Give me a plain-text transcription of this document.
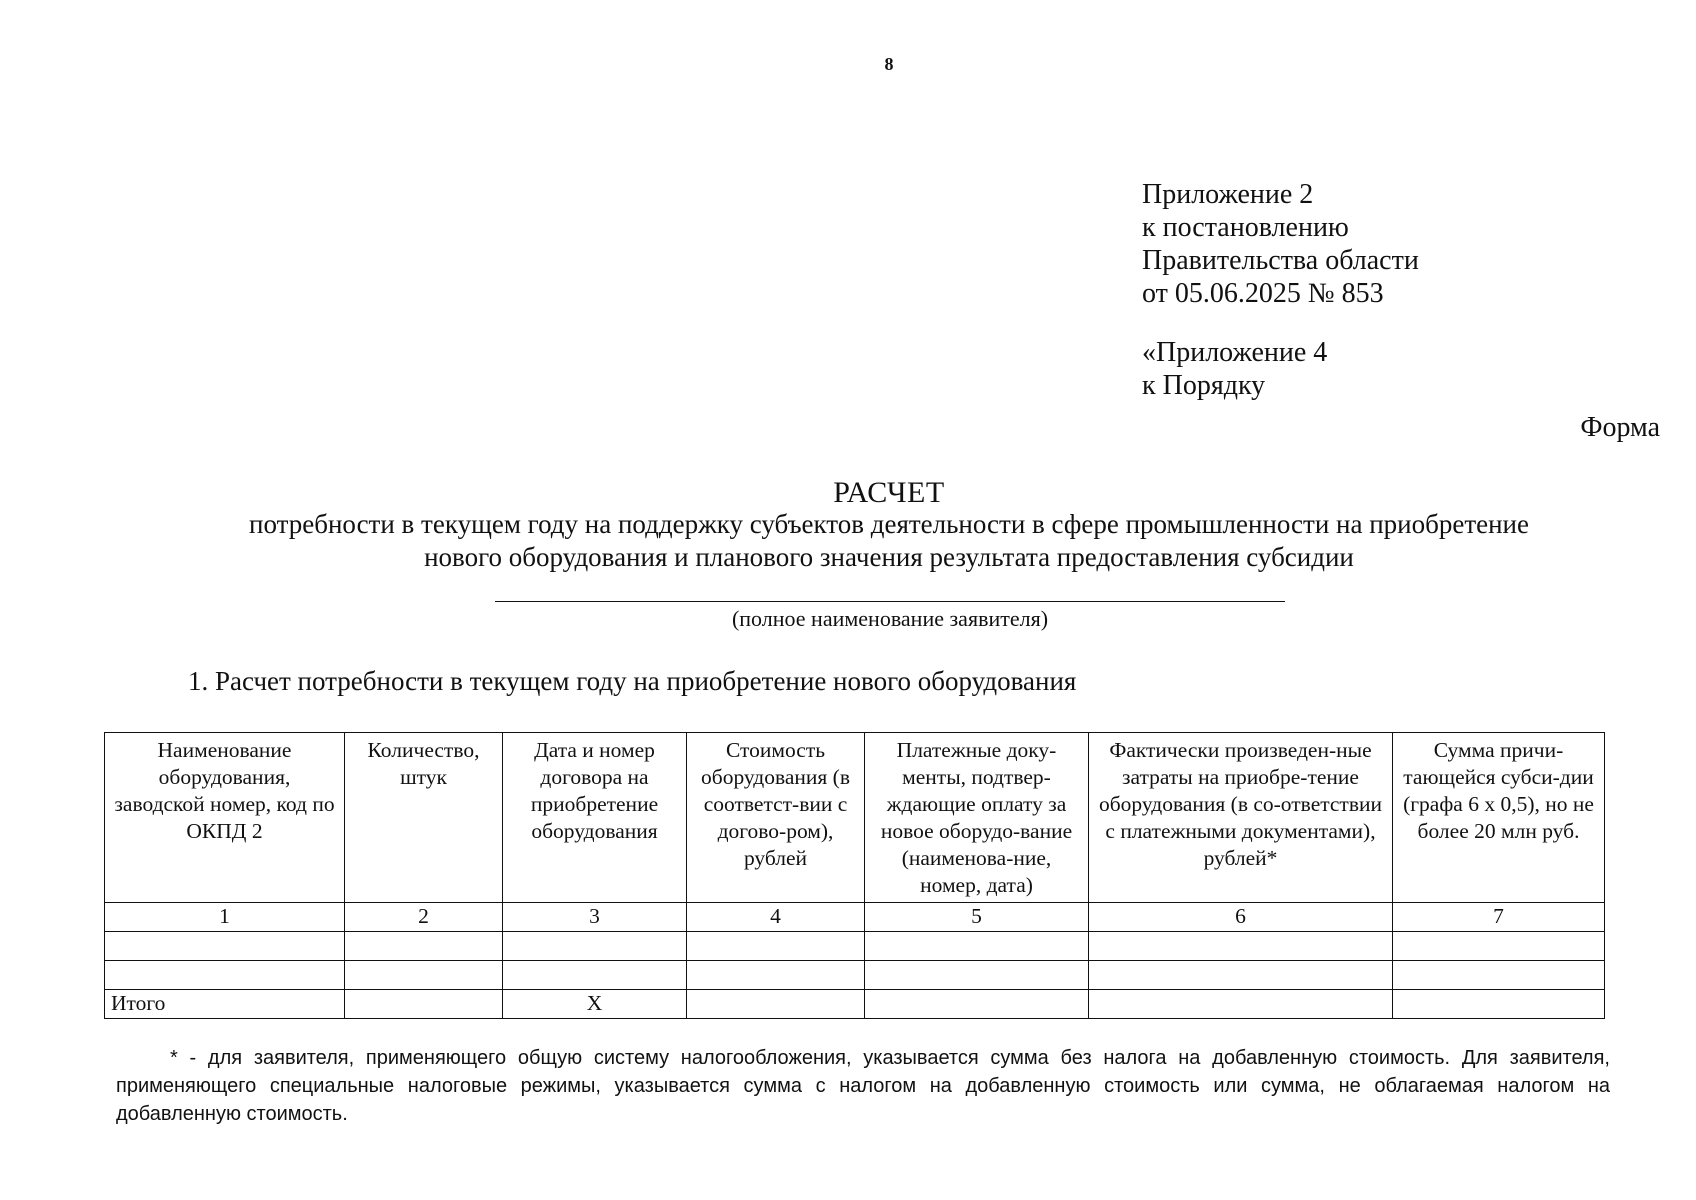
8
Приложение 2
к постановлению
Правительства области
от 05.06.2025 № 853
«Приложение 4
к Порядку
Форма
РАСЧЕТ
потребности в текущем году на поддержку субъектов деятельности в сфере промышленности на приобретение
нового оборудования и планового значения результата предоставления субсидии
(полное наименование заявителя)
1. Расчет потребности в текущем году на приобретение нового оборудования
Наименование оборудования, заводской номер, код по ОКПД 2	Количество, штук	Дата и номер договора на приобретение оборудования	Стоимость оборудования (в соответст-вии с догово-ром), рублей	Платежные доку-менты, подтвер-ждающие оплату за новое оборудо-вание (наименова-ние, номер, дата)	Фактически произведен-ные затраты на приобре-тение оборудования (в со-ответствии с платежными документами), рублей*	Сумма причи-тающейся субси-дии (графа 6 х 0,5), но не более 20 млн руб.
1	2	3	4	5	6	7

Итого		Х				
* - для заявителя, применяющего общую систему налогообложения, указывается сумма без налога на добавленную стоимость. Для заявителя, применяющего специальные налоговые режимы, указывается сумма с налогом на добавленную стоимость или сумма, не облагаемая налогом на добавленную стоимость.
